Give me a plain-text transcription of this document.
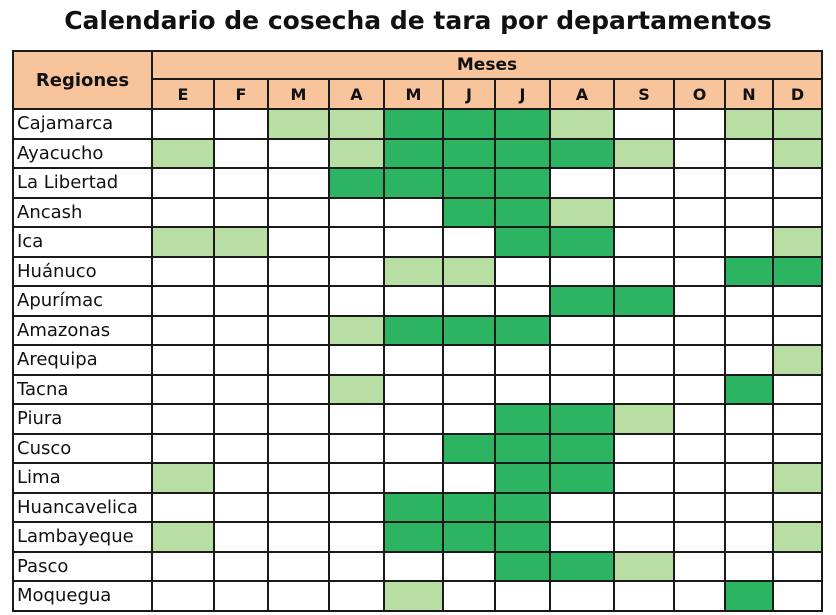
Calendario de cosecha de tara por departamentos
Regiones	Meses											
	E	F	M	A	M	J	J	A	S	O	N	D
Cajamarca												
Ayacucho												
La Libertad												
Ancash												
Ica												
Huánuco												
Apurímac												
Amazonas												
Arequipa												
Tacna												
Piura												
Cusco												
Lima												
Huancavelica												
Lambayeque												
Pasco												
Moquegua												
